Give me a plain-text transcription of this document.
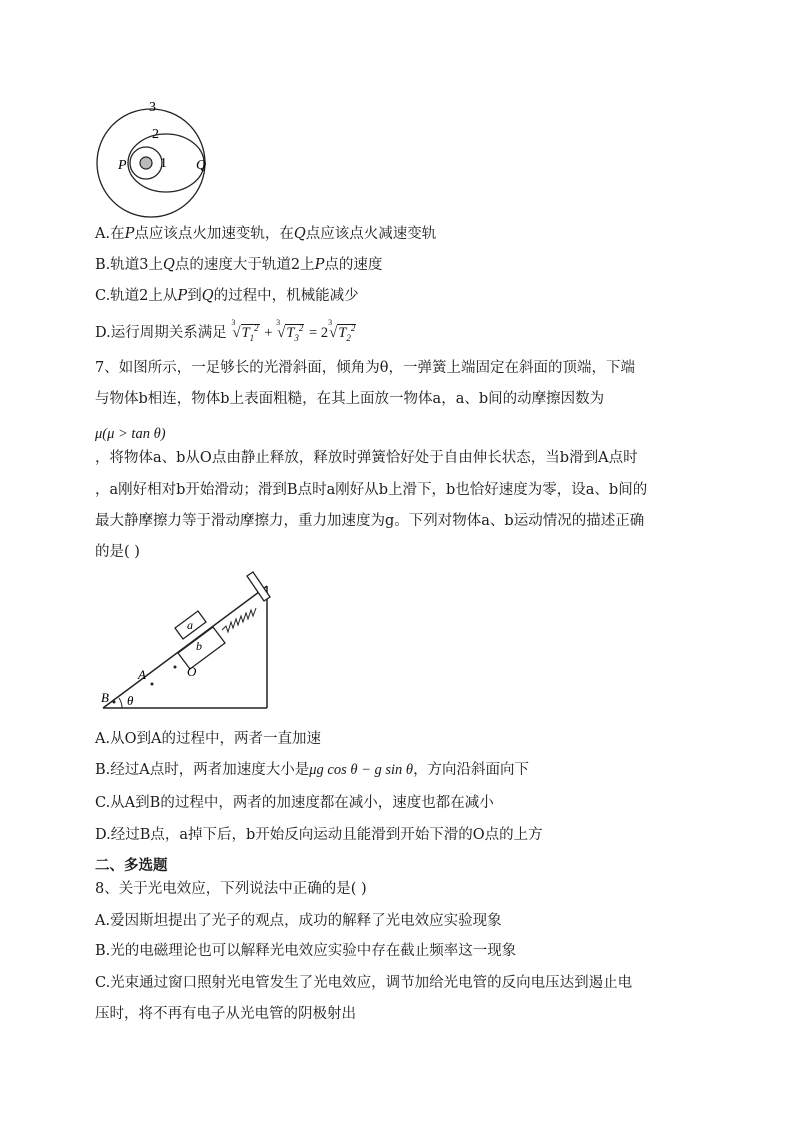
3
2
1
P	Q
A.在P点应该点火加速变轨，在Q点应该点火减速变轨
B.轨道3上Q点的速度大于轨道2上P点的速度
C.轨道2上从P到Q的过程中，机械能减少
D.运行周期关系满足
3
$√T_1^2$ +
3
$√T_3^2 = 2$
3
$√T_2^2$
7、如图所示，一足够长的光滑斜面，倾角为θ，一弹簧上端固定在斜面的顶端，下端
与物体b相连，物体b上表面粗糙，在其上面放一物体a，a、b间的动摩擦因数为
μ(μ > tan θ)
，将物体a、b从O点由静止释放，释放时弹簧恰好处于自由伸长状态，当b滑到A点时
，a刚好相对b开始滑动；滑到B点时a刚好从b上滑下，b也恰好速度为零，设a、b间的
最大静摩擦力等于滑动摩擦力，重力加速度为g。下列对物体a、b运动情况的描述正确
的是( )
a
b
A	O
B θ
A.从O到A的过程中，两者一直加速
B.经过A点时，两者加速度大小是μg cos θ − g sin θ，方向沿斜面向下
C.从A到B的过程中，两者的加速度都在减小，速度也都在减小
D.经过B点，a掉下后，b开始反向运动且能滑到开始下滑的O点的上方
二、多选题
8、关于光电效应，下列说法中正确的是( )
A.爱因斯坦提出了光子的观点，成功的解释了光电效应实验现象
B.光的电磁理论也可以解释光电效应实验中存在截止频率这一现象
C.光束通过窗口照射光电管发生了光电效应，调节加给光电管的反向电压达到遏止电
压时，将不再有电子从光电管的阴极射出
